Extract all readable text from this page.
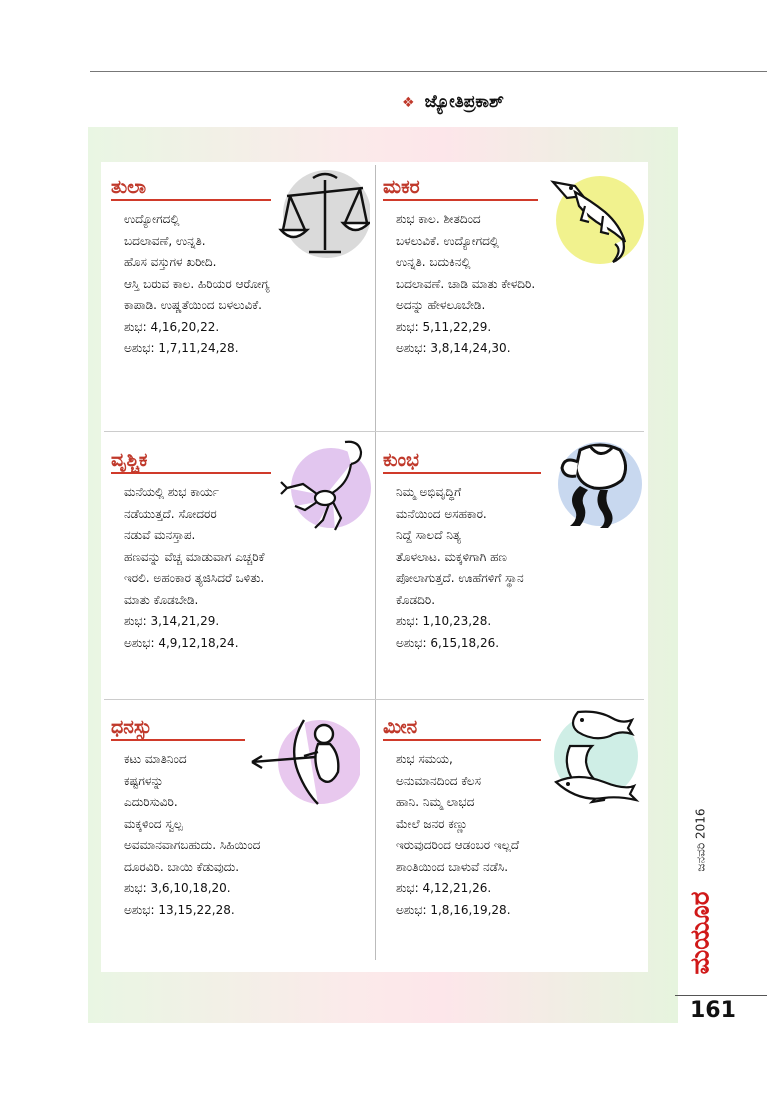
❖ ಜ್ಯೋತಿಪ್ರಕಾಶ್
ತುಲಾ
ಉದ್ಯೋಗದಲ್ಲಿ
ಬದಲಾವಣೆ, ಉನ್ನತಿ.
ಹೊಸ ವಸ್ತುಗಳ ಖರೀದಿ.
ಆಸ್ತಿ ಬರುವ ಕಾಲ. ಹಿರಿಯರ ಆರೋಗ್ಯ
ಕಾಪಾಡಿ. ಉಷ್ಣತೆಯಿಂದ ಬಳಲುವಿಕೆ.
ಶುಭ: 4,16,20,22.
ಅಶುಭ: 1,7,11,24,28.
ಮಕರ
ಶುಭ ಕಾಲ. ಶೀತದಿಂದ
ಬಳಲುವಿಕೆ. ಉದ್ಯೋಗದಲ್ಲಿ
ಉನ್ನತಿ. ಬದುಕಿನಲ್ಲಿ
ಬದಲಾವಣೆ. ಚಾಡಿ ಮಾತು ಕೇಳದಿರಿ.
ಅದನ್ನು ಹೇಳಲೂಬೇಡಿ.
ಶುಭ: 5,11,22,29.
ಅಶುಭ: 3,8,14,24,30.
ವೃಶ್ಚಿಕ
ಮನೆಯಲ್ಲಿ ಶುಭ ಕಾರ್ಯ
ನಡೆಯುತ್ತದೆ. ಸೋದರರ
ನಡುವೆ ಮನಸ್ತಾಪ.
ಹಣವನ್ನು ವೆಚ್ಚ ಮಾಡುವಾಗ ಎಚ್ಚರಿಕೆ
ಇರಲಿ. ಅಹಂಕಾರ ತ್ಯಜಿಸಿದರೆ ಒಳಿತು.
ಮಾತು ಕೊಡಬೇಡಿ.
ಶುಭ: 3,14,21,29.
ಅಶುಭ: 4,9,12,18,24.
ಕುಂಭ
ನಿಮ್ಮ ಅಭಿವೃದ್ಧಿಗೆ
ಮನೆಯಿಂದ ಅಸಹಕಾರ.
ನಿದ್ದೆ ಸಾಲದೆ ನಿತ್ಯ
ತೊಳಲಾಟ. ಮಕ್ಕಳಿಗಾಗಿ ಹಣ
ಪೋಲಾಗುತ್ತದೆ. ಊಹೆಗಳಿಗೆ ಸ್ಥಾನ
ಕೊಡದಿರಿ.
ಶುಭ: 1,10,23,28.
ಅಶುಭ: 6,15,18,26.
ಧನಸ್ಸು
ಕಟು ಮಾತಿನಿಂದ
ಕಷ್ಟಗಳನ್ನು
ಎದುರಿಸುವಿರಿ.
ಮಕ್ಕಳಿಂದ ಸ್ವಲ್ಪ
ಅವಮಾನವಾಗಬಹುದು. ಸಿಹಿಯಿಂದ
ದೂರವಿರಿ. ಬಾಯಿ ಕೆಡುವುದು.
ಶುಭ: 3,6,10,18,20.
ಅಶುಭ: 13,15,22,28.
ಮೀನ
ಶುಭ ಸಮಯ,
ಅನುಮಾನದಿಂದ ಕೆಲಸ
ಹಾನಿ. ನಿಮ್ಮ ಲಾಭದ
ಮೇಲೆ ಜನರ ಕಣ್ಣು
ಇರುವುದರಿಂದ ಆಡಂಬರ ಇಲ್ಲದೆ
ಶಾಂತಿಯಿಂದ ಬಾಳುವೆ ನಡೆಸಿ.
ಶುಭ: 4,12,21,26.
ಅಶುಭ: 1,8,16,19,28.
ಜನವರಿ 2016
ಮಯೂರ
161
